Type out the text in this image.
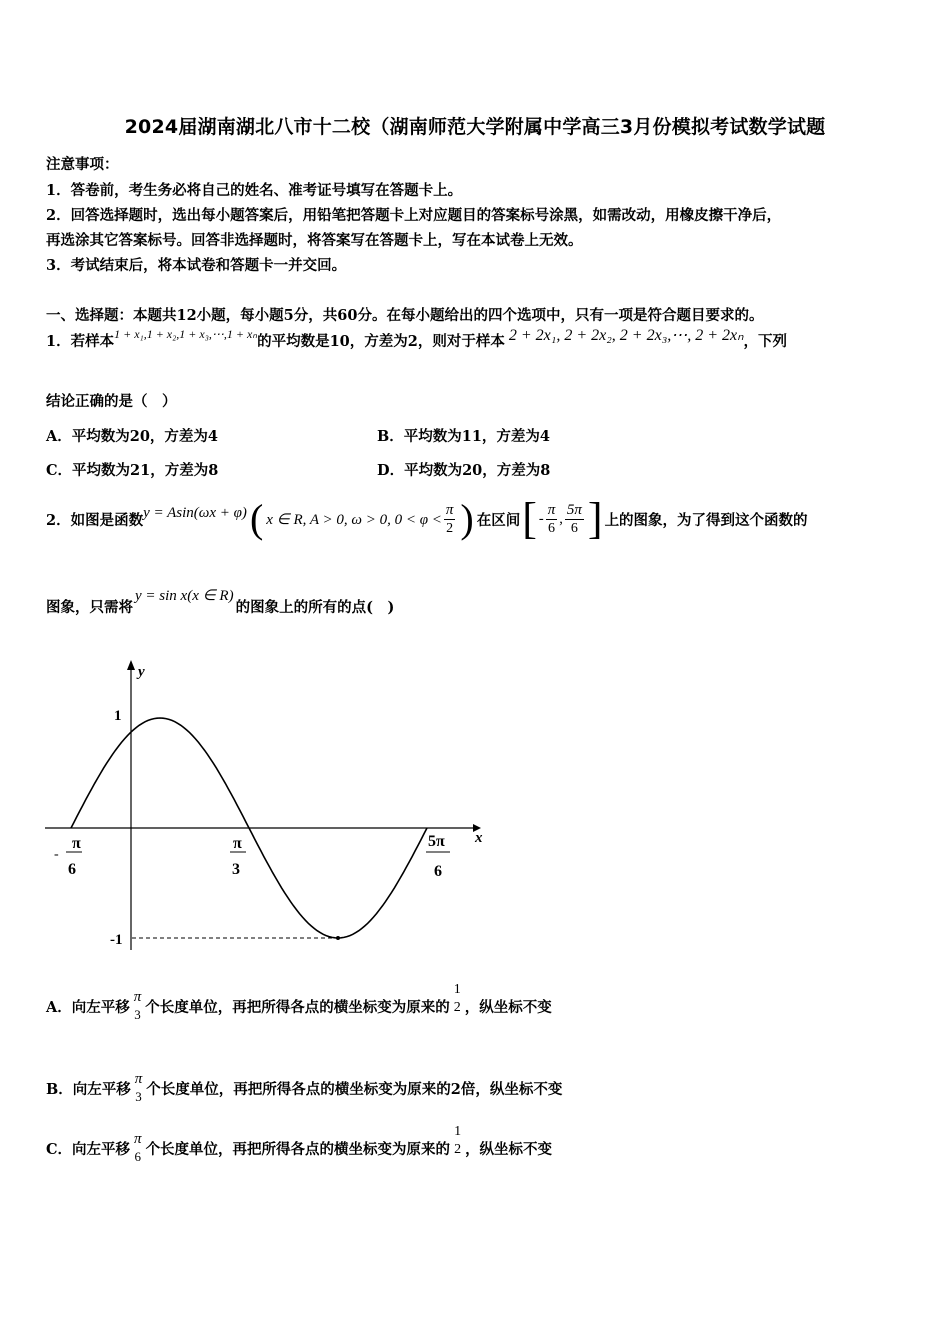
2024届湖南湖北八市十二校（湖南师范大学附属中学高三3月份模拟考试数学试题
注意事项：
1．答卷前，考生务必将自己的姓名、准考证号填写在答题卡上。
2．回答选择题时，选出每小题答案后，用铅笔把答题卡上对应题目的答案标号涂黑，如需改动，用橡皮擦干净后，
再选涂其它答案标号。回答非选择题时，将答案写在答题卡上，写在本试卷上无效。
3．考试结束后，将本试卷和答题卡一并交回。
一、选择题：本题共12小题，每小题5分，共60分。在每小题给出的四个选项中，只有一项是符合题目要求的。
1．若样本$^{1 + x_1,1 + x_2,1 + x_3,\cdots,1 + x_n}$的平均数是10，方差为2，则对于样本 2 + 2x₁, 2 + 2x₂, 2 + 2x₃,⋯, 2 + 2xₙ，下列
结论正确的是（　）
A．平均数为20，方差为4	B．平均数为11，方差为4
C．平均数为21，方差为8	D．平均数为20，方差为8
2．如图是函数 y = Asin(ωx + φ) ( x ∈ R, A > 0, ω > 0, $0 < \varphi < \frac{\pi}{2}$ ) 在区间 [ - $\frac{\pi}{6}$ , $\frac{5\pi}{6}$ ] 上的图象，为了得到这个函数的
图象，只需将y = sin x(x ∈ R)的图象上的所有的点(　)
y
x
1
-1
π
-
6
π
3
5π
6
A．向左平移
π
3 个长度单位，再把所得各点的横坐标变为原来的
1
2 ，纵坐标不变
B．向左平移
π
3 个长度单位，再把所得各点的横坐标变为原来的2倍，纵坐标不变
C．向左平移
π
6 个长度单位，再把所得各点的横坐标变为原来的
1
2 ，纵坐标不变
